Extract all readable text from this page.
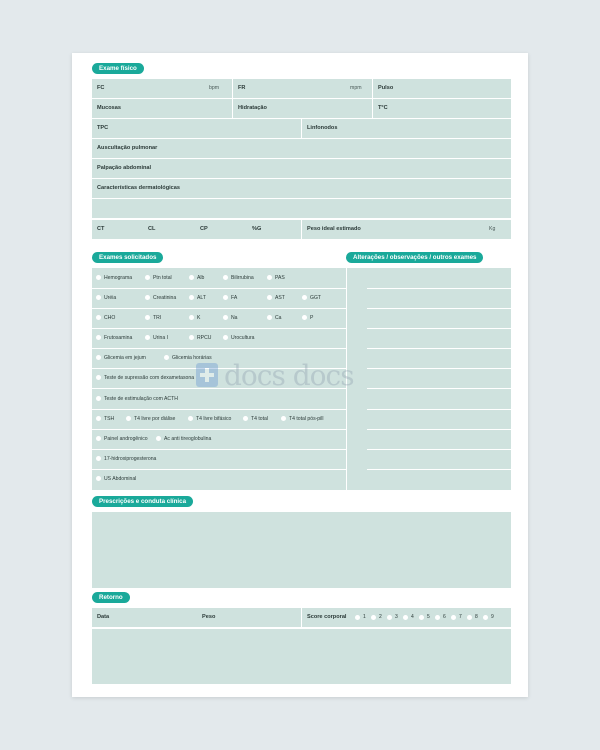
Exame físico
FC	bpm	FR	mpm	Pulso
Mucosas	Hidratação	T°C
TPC	Linfonodos
Auscultação pulmonar
Palpação abdominal
Características dermatológicas
CT	CL	CP	%G	Peso ideal estimado	Kg
Exames solicitados	Alterações / observações / outros exames
Hemograma	Ptn total	Alb	Bilirrubina	PAS
Uréia	Creatinina	ALT	FA	AST	GGT
CHO	TRI	K	Na	Ca	P
Frutosamina	Urina I	RPCU	Urocultura
Glicemia em jejum	Glicemia horárias
Teste de supressão com dexametasona
Teste de estimulação com ACTH
TSH	T4 livre por diálise	T4 livre bifásico	T4 total	T4 total pós-pill
Painel androgênico	Ac anti tireoglobulina
17-hidroxiprogesterona
US Abdominal
Prescrições e conduta clínica
Retorno
Data	Peso	Score corporal	1	2	3	4	5	6	7	8	9
docs docs
